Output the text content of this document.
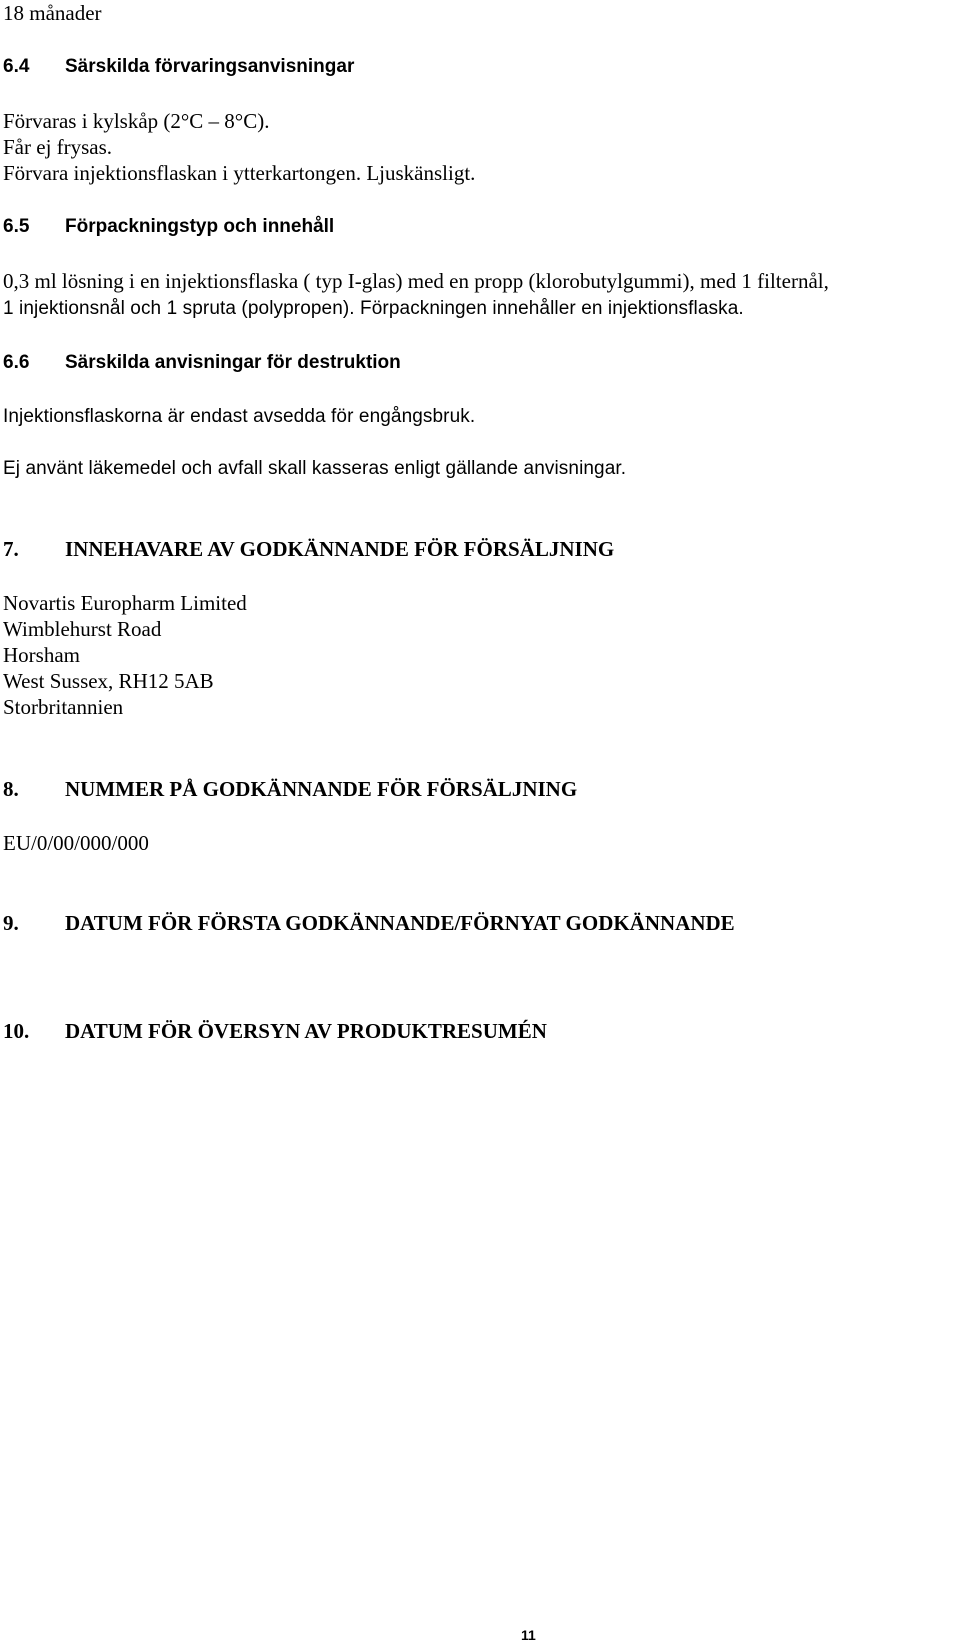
18 månader
6.4 Särskilda förvaringsanvisningar
Förvaras i kylskåp (2°C – 8°C).
Får ej frysas.
Förvara injektionsflaskan i ytterkartongen. Ljuskänsligt.
6.5 Förpackningstyp och innehåll
0,3 ml lösning i en injektionsflaska ( typ I-glas) med en propp (klorobutylgummi), med 1 filternål,
1 injektionsnål och 1 spruta (polypropen). Förpackningen innehåller en injektionsflaska.
6.6 Särskilda anvisningar för destruktion
Injektionsflaskorna är endast avsedda för engångsbruk.
Ej använt läkemedel och avfall skall kasseras enligt gällande anvisningar.
7. INNEHAVARE AV GODKÄNNANDE FÖR FÖRSÄLJNING
Novartis Europharm Limited
Wimblehurst Road
Horsham
West Sussex, RH12 5AB
Storbritannien
8. NUMMER PÅ GODKÄNNANDE FÖR FÖRSÄLJNING
EU/0/00/000/000
9. DATUM FÖR FÖRSTA GODKÄNNANDE/FÖRNYAT GODKÄNNANDE
10. DATUM FÖR ÖVERSYN AV PRODUKTRESUMÉN
11
